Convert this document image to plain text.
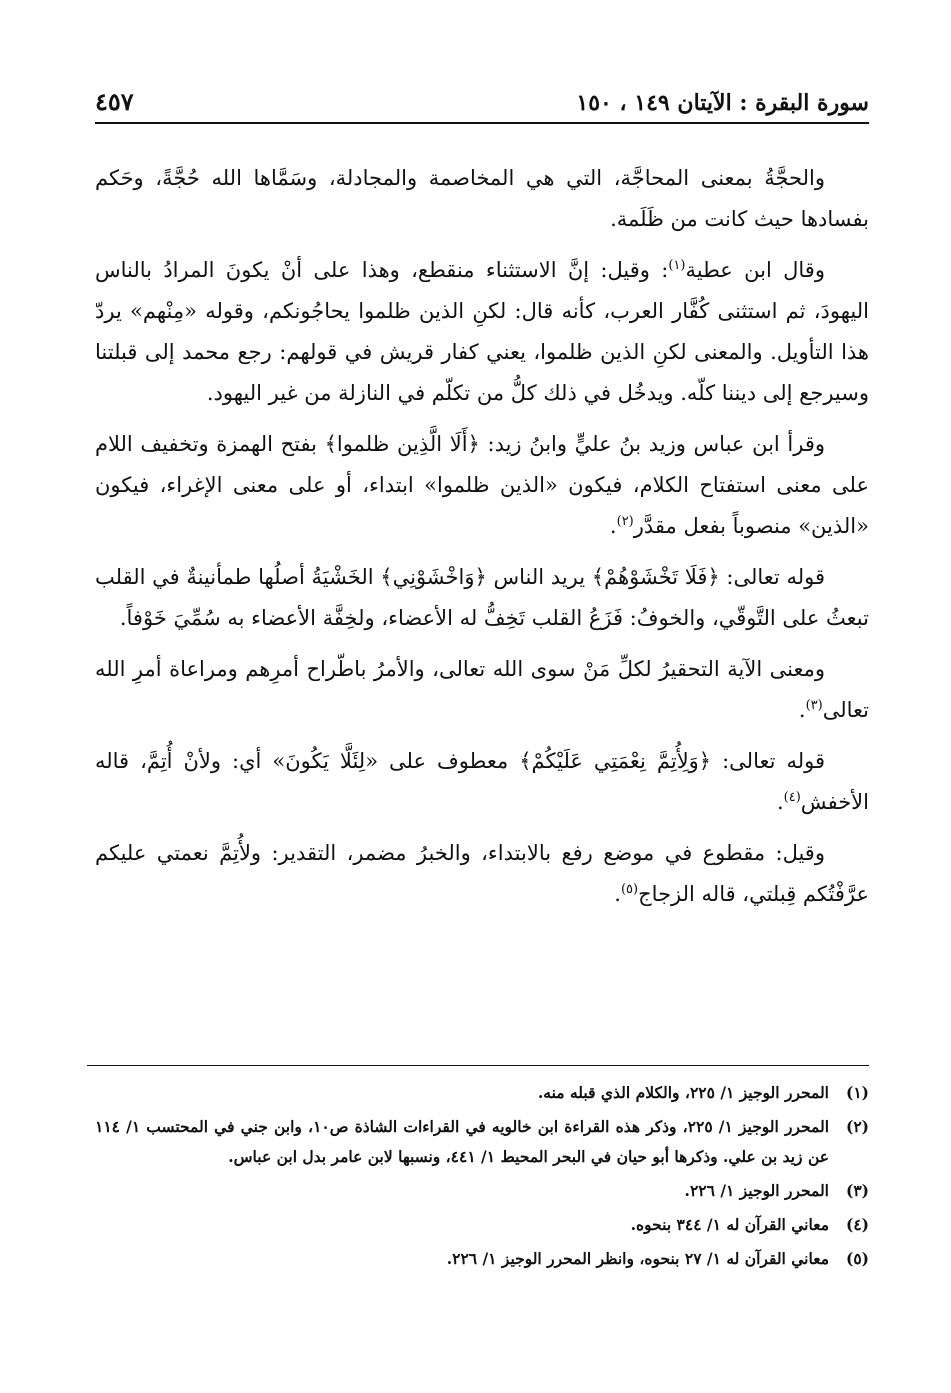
سورة البقرة : الآيتان ١٤٩ ، ١٥٠
٤٥٧

والحجَّةُ بمعنى المحاجَّة، التي هي المخاصمة والمجادلة، وسَمَّاها الله حُجَّةً، وحَكم بفسادها حيث كانت من ظَلَمة.

وقال ابن عطية$^{(١)}$: وقيل: إنَّ الاستثناء منقطع، وهذا على أنْ يكونَ المرادُ بالناس اليهودَ، ثم استثنى كُفَّار العرب، كأنه قال: لكنِ الذين ظلموا يحاجُونكم، وقوله «مِنْهم» يردّ هذا التأويل. والمعنى لكنِ الذين ظلموا، يعني كفار قريش في قولهم: رجع محمد إلى قبلتنا وسيرجع إلى ديننا كلّه. ويدخُل في ذلك كلُّ من تكلّم في النازلة من غير اليهود.

وقرأ ابن عباس وزيد بنُ عليٍّ وابنُ زيد: ﴿أَلَا الَّذِين ظلموا﴾ بفتح الهمزة وتخفيف اللام على معنى استفتاح الكلام، فيكون «الذين ظلموا» ابتداء، أو على معنى الإغراء، فيكون «الذين» منصوباً بفعل مقدَّر$^{(٢)}$.

قوله تعالى: ﴿فَلَا تَخْشَوْهُمْ﴾ يريد الناس ﴿وَاخْشَوْنِي﴾ الخَشْيَةُ أصلُها طمأنينةٌ في القلب تبعثُ على التَّوقّي، والخوفُ: فَزَعُ القلب تَخِفُّ له الأعضاء، ولخِفَّة الأعضاء به سُمِّيَ خَوْفاً.

ومعنى الآية التحقيرُ لكلِّ مَنْ سوى الله تعالى، والأمرُ باطّراح أمرِهم ومراعاة أمرِ الله تعالى$^{(٣)}$.

قوله تعالى: ﴿وَلِأُتِمَّ نِعْمَتِي عَلَيْكُمْ﴾ معطوف على «لِئَلَّا يَكُونَ» أي: ولأنْ أُتِمَّ، قاله الأخفش$^{(٤)}$.

وقيل: مقطوع في موضع رفع بالابتداء، والخبرُ مضمر، التقدير: ولأُتِمَّ نعمتي عليكم عرَّفْتُكم قِبلتي، قاله الزجاج$^{(٥)}$.

(١)
المحرر الوجيز ١/ ٢٢٥، والكلام الذي قبله منه.
(٢)
المحرر الوجيز ١/ ٢٢٥، وذكر هذه القراءة ابن خالويه في القراءات الشاذة ص١٠، وابن جني في المحتسب ١/ ١١٤ عن زيد بن علي. وذكرها أبو حيان في البحر المحيط ١/ ٤٤١، ونسبها لابن عامر بدل ابن عباس.
(٣)
المحرر الوجيز ١/ ٢٢٦.
(٤)
معاني القرآن له ١/ ٣٤٤ بنحوه.
(٥)
معاني القرآن له ١/ ٢٧ بنحوه، وانظر المحرر الوجيز ١/ ٢٢٦.
